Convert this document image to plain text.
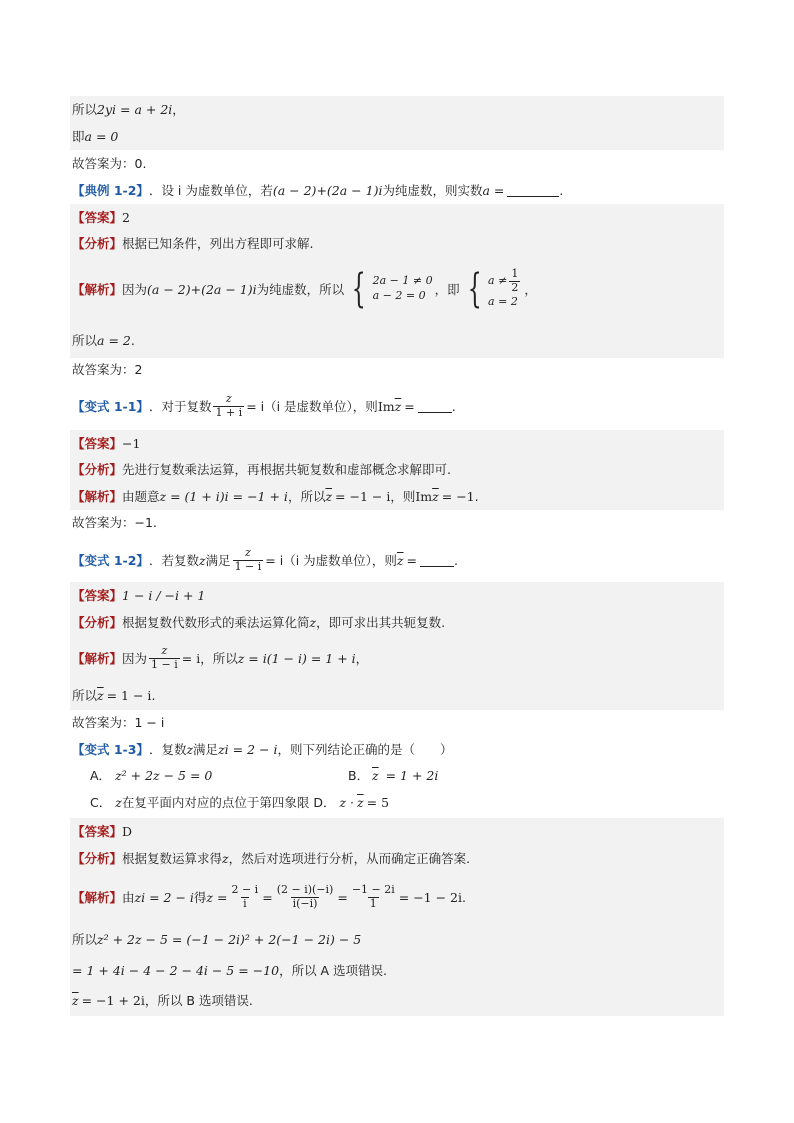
所以 2yi = a + 2i ，
即 a = 0
故答案为：0.
【典例 1-2】 ．设 i 为虚数单位，若 (a − 2)+(2a − 1)i 为纯虚数，则实数 a =	.
【答案】 2
【分析】 根据已知条件，列出方程即可求解.
【解析】 因为 (a − 2)+(2a − 1)i 为纯虚数，所以 { 2a − 1 ≠ 0
a − 2 = 0 ，即 { $a \ne \frac{1}{2}$
a = 2
，
所以 a = 2 .
故答案为：2
【变式 1-1】 ．对于复数 $\frac{z}{1 + i} = i(i$ 是虚数单位），则 Im $\overline{z}$ =	.
【答案】 −1
【分析】 先进行复数乘法运算，再根据共轭复数和虚部概念求解即可.
【解析】 由题意 z = (1 + i)i = −1 + i ，所以 $\overline{z} = -1 - i$ ，则 Im $\overline{z} = -1$ .
故答案为：−1.
【变式 1-2】 ．若复数 z 满足 $\frac{z}{1 - i} = i(i$ 为虚数单位），则 $\overline{z}$ =	.
【答案】 1 − i / −i + 1
【分析】 根据复数代数形式的乘法运算化简 z ，即可求出其共轭复数.
【解析】 因为 $\frac{z}{1 - i} = i$ ，所以 z = i(1 − i) = 1 + i ，
所以 $\overline{z} = 1 - i$ .
故答案为：1 − i
【变式 1-3】 ．复数 z 满足 zi = 2 − i ，则下列结论正确的是（　　）
A． z² + 2z − 5 = 0	B． $\overline{z} = 1 + 2i$
C． z 在复平面内对应的点位于第四象限 D． $z \cdot \overline{z} = 5$
【答案】 D
【分析】 根据复数运算求得 z ，然后对选项进行分析，从而确定正确答案.
【解析】 由 zi = 2 − i 得 $z = \frac{2 - i}{i} = \frac{(2 - i)(-i)}{i(-i)} = \frac{-1 - 2i}{1} = -1 - 2i$ .
所以 z² + 2z − 5 = (−1 − 2i)² + 2(−1 − 2i) − 5
= 1 + 4i − 4 − 2 − 4i − 5 = −10 ，所以 A 选项错误.
$\overline{z} = -1 + 2i$ ，所以 B 选项错误.
